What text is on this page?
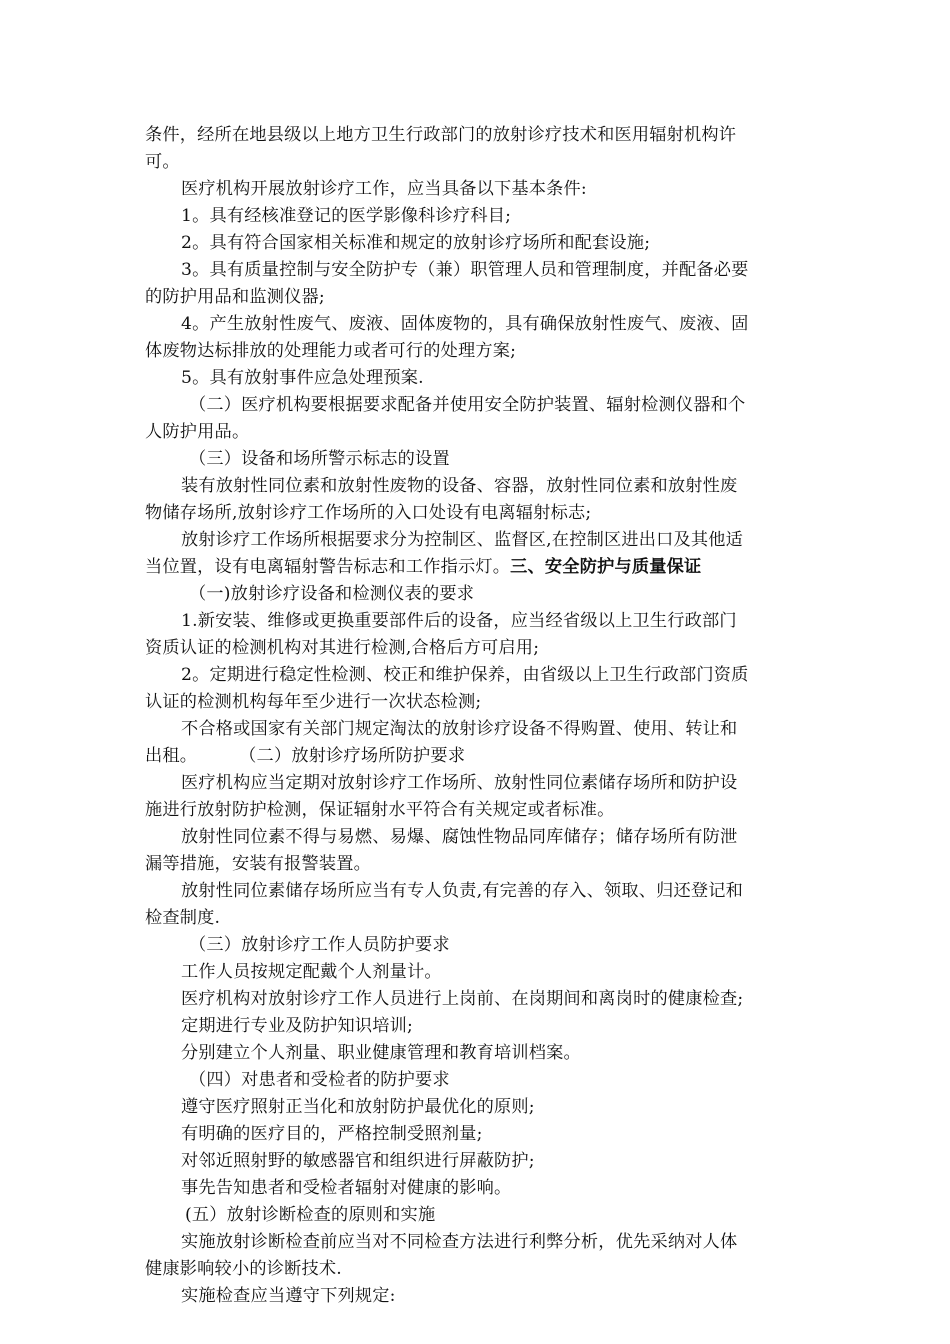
条件，经所在地县级以上地方卫生行政部门的放射诊疗技术和医用辐射机构许
可。
医疗机构开展放射诊疗工作，应当具备以下基本条件:
1。具有经核准登记的医学影像科诊疗科目;
2。具有符合国家相关标准和规定的放射诊疗场所和配套设施;
3。具有质量控制与安全防护专（兼）职管理人员和管理制度，并配备必要
的防护用品和监测仪器;
4。产生放射性废气、废液、固体废物的，具有确保放射性废气、废液、固
体废物达标排放的处理能力或者可行的处理方案;
5。具有放射事件应急处理预案.
（二）医疗机构要根据要求配备并使用安全防护装置、辐射检测仪器和个
人防护用品。
（三）设备和场所警示标志的设置
装有放射性同位素和放射性废物的设备、容器，放射性同位素和放射性废
物储存场所,放射诊疗工作场所的入口处设有电离辐射标志;
放射诊疗工作场所根据要求分为控制区、监督区,在控制区进出口及其他适
当位置，设有电离辐射警告标志和工作指示灯。三、安全防护与质量保证
（一)放射诊疗设备和检测仪表的要求
1.新安装、维修或更换重要部件后的设备，应当经省级以上卫生行政部门
资质认证的检测机构对其进行检测,合格后方可启用;
2。定期进行稳定性检测、校正和维护保养，由省级以上卫生行政部门资质
认证的检测机构每年至少进行一次状态检测;
不合格或国家有关部门规定淘汰的放射诊疗设备不得购置、使用、转让和
出租。 （二）放射诊疗场所防护要求
医疗机构应当定期对放射诊疗工作场所、放射性同位素储存场所和防护设
施进行放射防护检测，保证辐射水平符合有关规定或者标准。
放射性同位素不得与易燃、易爆、腐蚀性物品同库储存；储存场所有防泄
漏等措施，安装有报警装置。
放射性同位素储存场所应当有专人负责,有完善的存入、领取、归还登记和
检查制度.
（三）放射诊疗工作人员防护要求
工作人员按规定配戴个人剂量计。
医疗机构对放射诊疗工作人员进行上岗前、在岗期间和离岗时的健康检查;
定期进行专业及防护知识培训;
分别建立个人剂量、职业健康管理和教育培训档案。
（四）对患者和受检者的防护要求
遵守医疗照射正当化和放射防护最优化的原则;
有明确的医疗目的，严格控制受照剂量;
对邻近照射野的敏感器官和组织进行屏蔽防护;
事先告知患者和受检者辐射对健康的影响。
(五）放射诊断检查的原则和实施
实施放射诊断检查前应当对不同检查方法进行利弊分析，优先采纳对人体
健康影响较小的诊断技术.
实施检查应当遵守下列规定:
